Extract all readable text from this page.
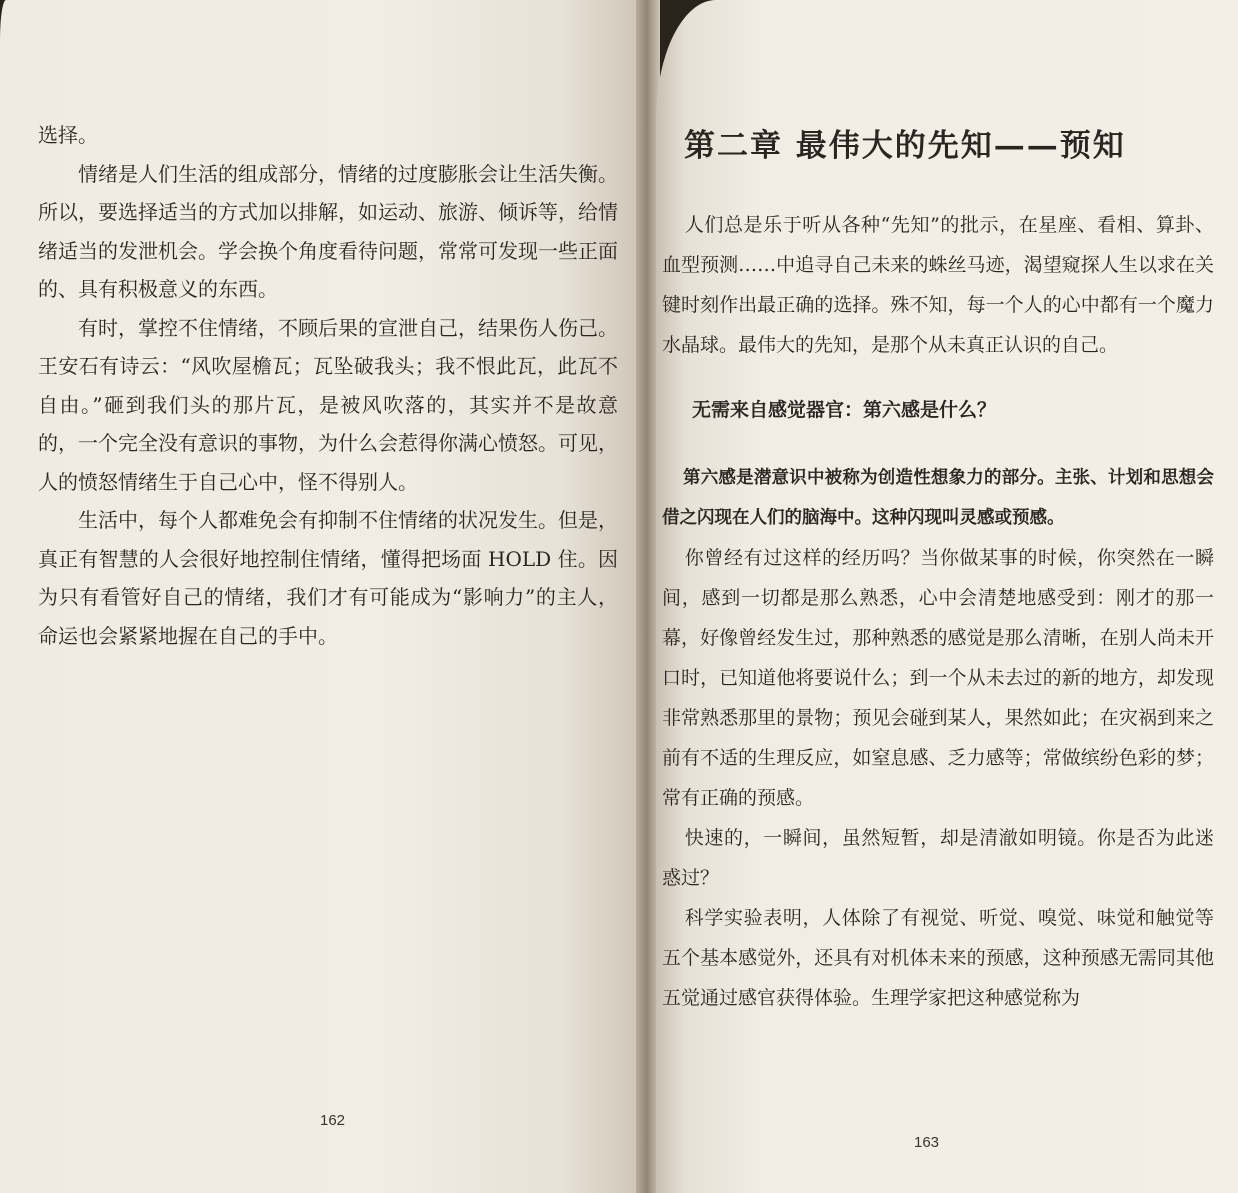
选择。

情绪是人们生活的组成部分，情绪的过度膨胀会让生活失衡。所以，要选择适当的方式加以排解，如运动、旅游、倾诉等，给情绪适当的发泄机会。学会换个角度看待问题，常常可发现一些正面的、具有积极意义的东西。

有时，掌控不住情绪，不顾后果的宣泄自己，结果伤人伤己。王安石有诗云：“风吹屋檐瓦；瓦坠破我头；我不恨此瓦，此瓦不自由。”砸到我们头的那片瓦，是被风吹落的，其实并不是故意的，一个完全没有意识的事物，为什么会惹得你满心愤怒。可见，人的愤怒情绪生于自己心中，怪不得别人。

生活中，每个人都难免会有抑制不住情绪的状况发生。但是，真正有智慧的人会很好地控制住情绪，懂得把场面 HOLD 住。因为只有看管好自己的情绪，我们才有可能成为“影响力”的主人，命运也会紧紧地握在自己的手中。

162
第二章 最伟大的先知——预知

人们总是乐于听从各种“先知”的批示，在星座、看相、算卦、血型预测……中追寻自己未来的蛛丝马迹，渴望窥探人生以求在关键时刻作出最正确的选择。殊不知，每一个人的心中都有一个魔力水晶球。最伟大的先知，是那个从未真正认识的自己。

无需来自感觉器官：第六感是什么？

第六感是潜意识中被称为创造性想象力的部分。主张、计划和思想会借之闪现在人们的脑海中。这种闪现叫灵感或预感。

你曾经有过这样的经历吗？当你做某事的时候，你突然在一瞬间，感到一切都是那么熟悉，心中会清楚地感受到：刚才的那一幕，好像曾经发生过，那种熟悉的感觉是那么清晰，在别人尚未开口时，已知道他将要说什么；到一个从未去过的新的地方，却发现非常熟悉那里的景物；预见会碰到某人，果然如此；在灾祸到来之前有不适的生理反应，如窒息感、乏力感等；常做缤纷色彩的梦；常有正确的预感。

快速的，一瞬间，虽然短暂，却是清澈如明镜。你是否为此迷惑过？

科学实验表明，人体除了有视觉、听觉、嗅觉、味觉和触觉等五个基本感觉外，还具有对机体未来的预感，这种预感无需同其他五觉通过感官获得体验。生理学家把这种感觉称为

163
